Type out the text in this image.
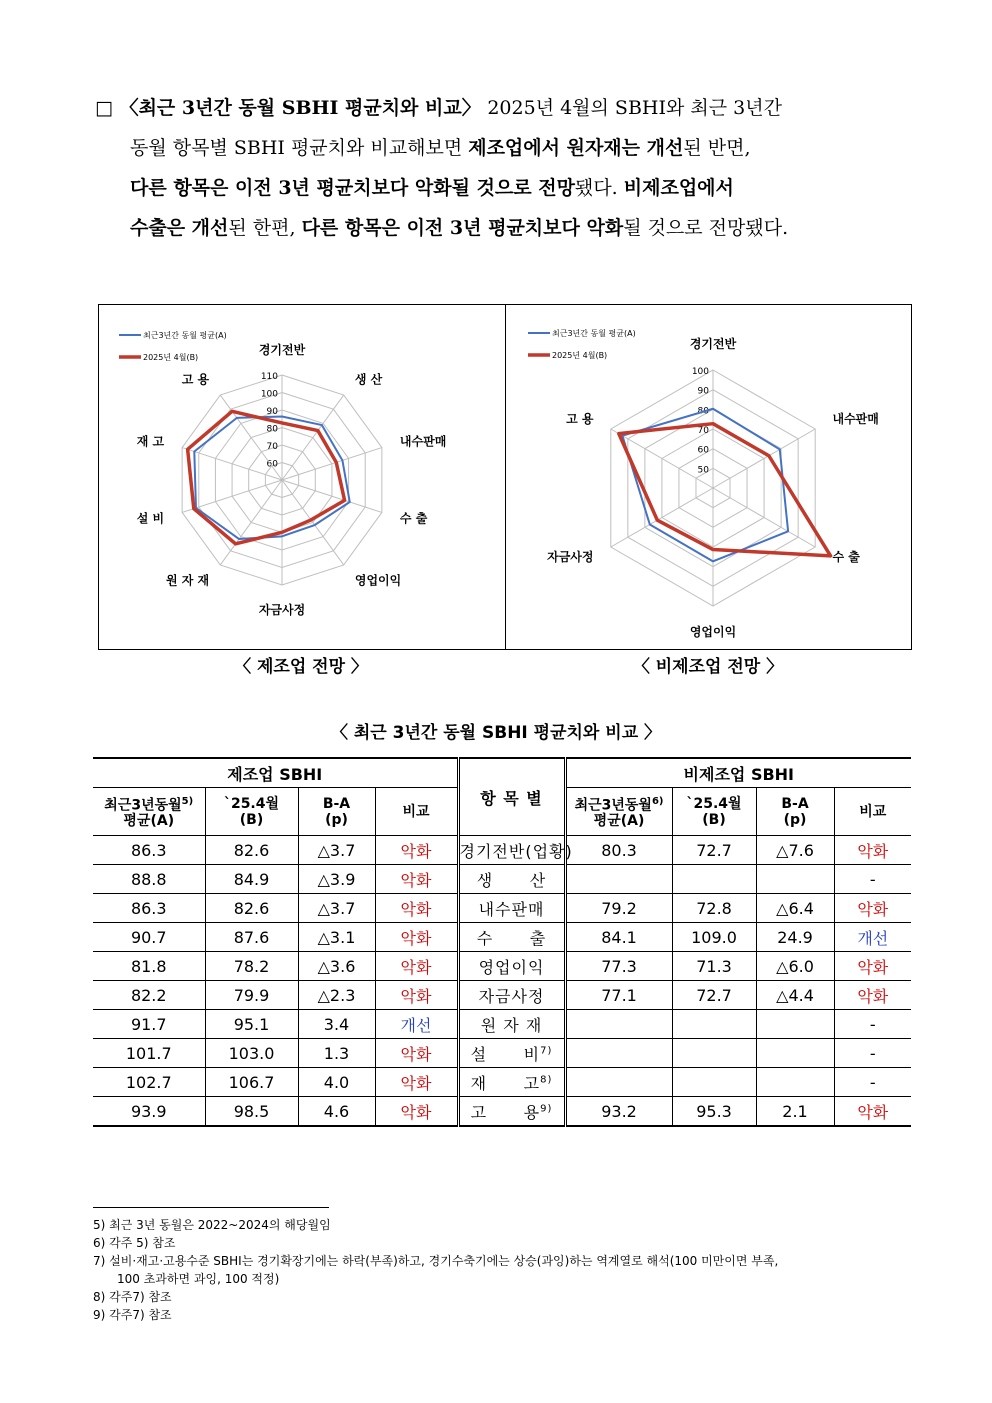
□ 〈최근 3년간 동월 SBHI 평균치와 비교〉 2025년 4월의 SBHI와 최근 3년간

동월 항목별 SBHI 평균치와 비교해보면 제조업에서 원자재는 개선된 반면,

다른 항목은 이전 3년 평균치보다 악화될 것으로 전망됐다. 비제조업에서

수출은 개선된 한편, 다른 항목은 이전 3년 평균치보다 악화될 것으로 전망됐다.

60
70
80
90
100
110
경기전반
생 산
내수판매
수 출
영업이익
자금사정
원 자 재
설 비
재 고
고 용
최근3년간 동월 평균(A)
2025년 4월(B)
50
60
70
80
90
100
경기전반
내수판매
수 출
영업이익
자금사정
고 용
최근3년간 동월 평균(A)
2025년 4월(B)
〈 제조업 전망 〉	〈 비제조업 전망 〉
〈 최근 3년간 동월 SBHI 평균치와 비교 〉
제조업 SBHI				항 목 별	비제조업 SBHI			
최근3년동월$^{5)}$
평균(A)	`25.4월
(B)	B-A
(p)	비교		최근3년동월$^{6)}$
평균(A)	`25.4월
(B)	B-A
(p)	비교
86.3	82.6	△3.7	악화	경기전반(업황)	80.3	72.7	△7.6	악화
88.8	84.9	△3.9	악화	생      산				-
86.3	82.6	△3.7	악화	내수판매	79.2	72.8	△6.4	악화
90.7	87.6	△3.1	악화	수      출	84.1	109.0	24.9	개선
81.8	78.2	△3.6	악화	영업이익	77.3	71.3	△6.0	악화
82.2	79.9	△2.3	악화	자금사정	77.1	72.7	△4.4	악화
91.7	95.1	3.4	개선	원 자 재				-
101.7	103.0	1.3	악화	설      비$^{7)}$				-
102.7	106.7	4.0	악화	재      고$^{8)}$				-
93.9	98.5	4.6	악화	고      용$^{9)}$	93.2	95.3	2.1	악화
5) 최근 3년 동월은 2022~2024의 해당월임
6) 각주 5) 참조
7) 설비·재고·고용수준 SBHI는 경기확장기에는 하락(부족)하고, 경기수축기에는 상승(과잉)하는 역계열로 해석(100 미만이면 부족,
100 초과하면 과잉, 100 적정)
8) 각주7) 참조
9) 각주7) 참조
